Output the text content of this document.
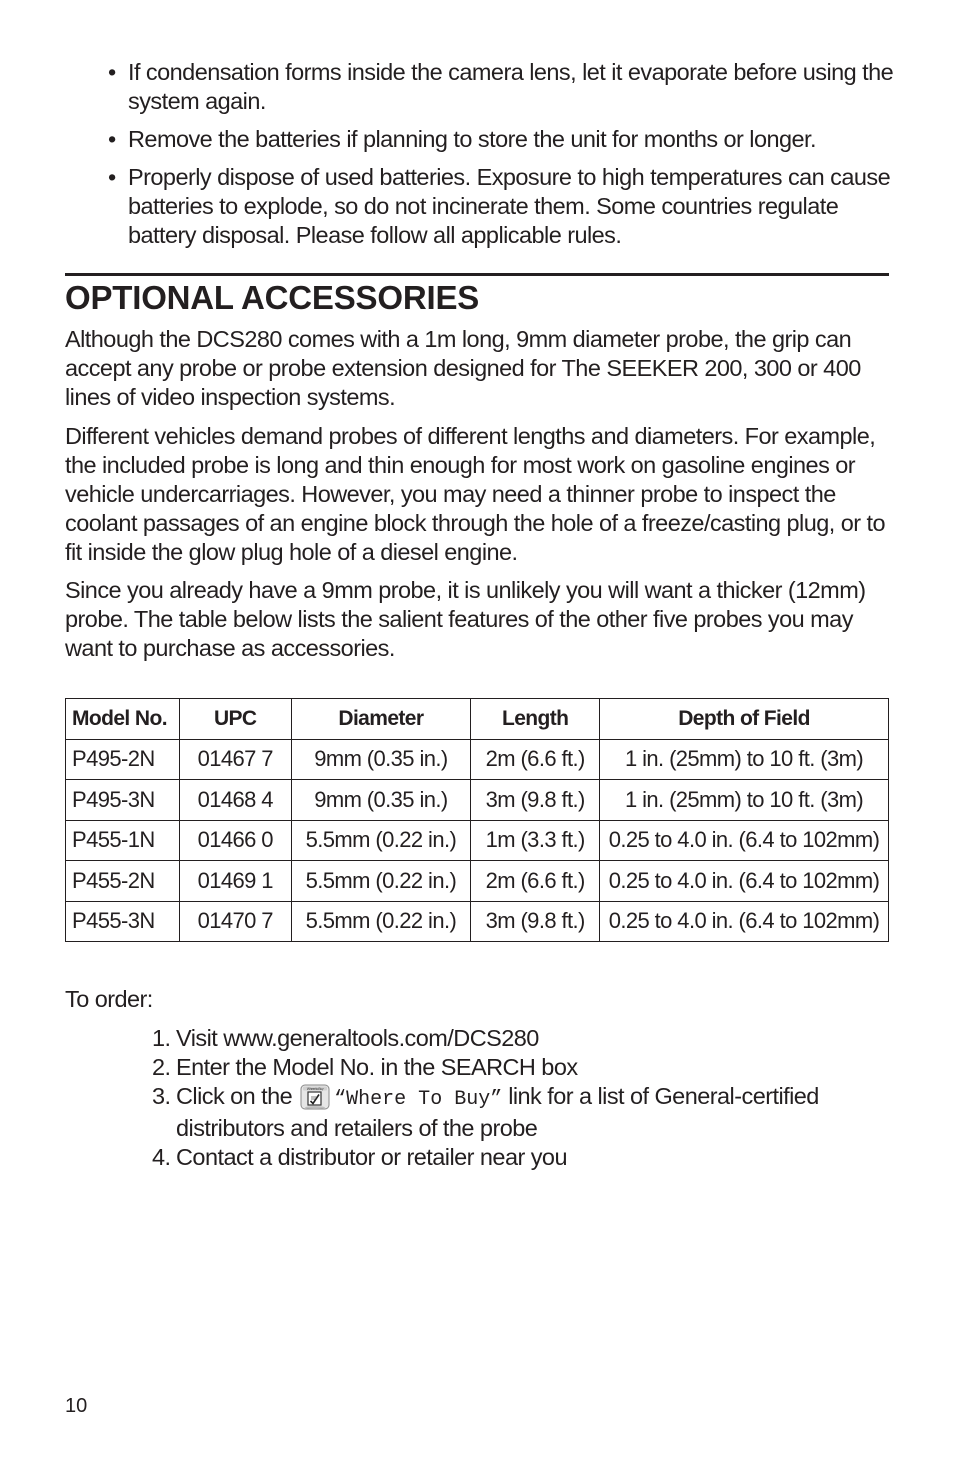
• If condensation forms inside the camera lens, let it evaporate before using the system again.
• Remove the batteries if planning to store the unit for months or longer.
• Properly dispose of used batteries. Exposure to high temperatures can cause batteries to explode, so do not incinerate them. Some countries regulate battery disposal. Please follow all applicable rules.
OPTIONAL ACCESSORIES

Although the DCS280 comes with a 1m long, 9mm diameter probe, the grip can accept any probe or probe extension designed for The SEEKER 200, 300 or 400 lines of video inspection systems.

Different vehicles demand probes of different lengths and diameters. For example, the included probe is long and thin enough for most work on gasoline engines or vehicle undercarriages. However, you may need a thinner probe to inspect the coolant passages of an engine block through the hole of a freeze/casting plug, or to fit inside the glow plug hole of a diesel engine.

Since you already have a 9mm probe, it is unlikely you will want a thicker (12mm) probe. The table below lists the salient features of the other five probes you may want to purchase as accessories.

Model No.	UPC	Diameter	Length	Depth of Field
P495-2N	01467 7	9mm (0.35 in.)	2m (6.6 ft.)	1 in. (25mm) to 10 ft. (3m)
P495-3N	01468 4	9mm (0.35 in.)	3m (9.8 ft.)	1 in. (25mm) to 10 ft. (3m)
P455-1N	01466 0	5.5mm (0.22 in.)	1m (3.3 ft.)	0.25 to 4.0 in. (6.4 to 102mm)
P455-2N	01469 1	5.5mm (0.22 in.)	2m (6.6 ft.)	0.25 to 4.0 in. (6.4 to 102mm)
P455-3N	01470 7	5.5mm (0.22 in.)	3m (9.8 ft.)	0.25 to 4.0 in. (6.4 to 102mm)

To order:

1. Visit www.generaltools.com/DCS280
2. Enter the Model No. in the SEARCH box
3. Click on the	Where to Buy “Where To Buy” link for a list of General-certified distributors and retailers of the probe
4. Contact a distributor or retailer near you

10
